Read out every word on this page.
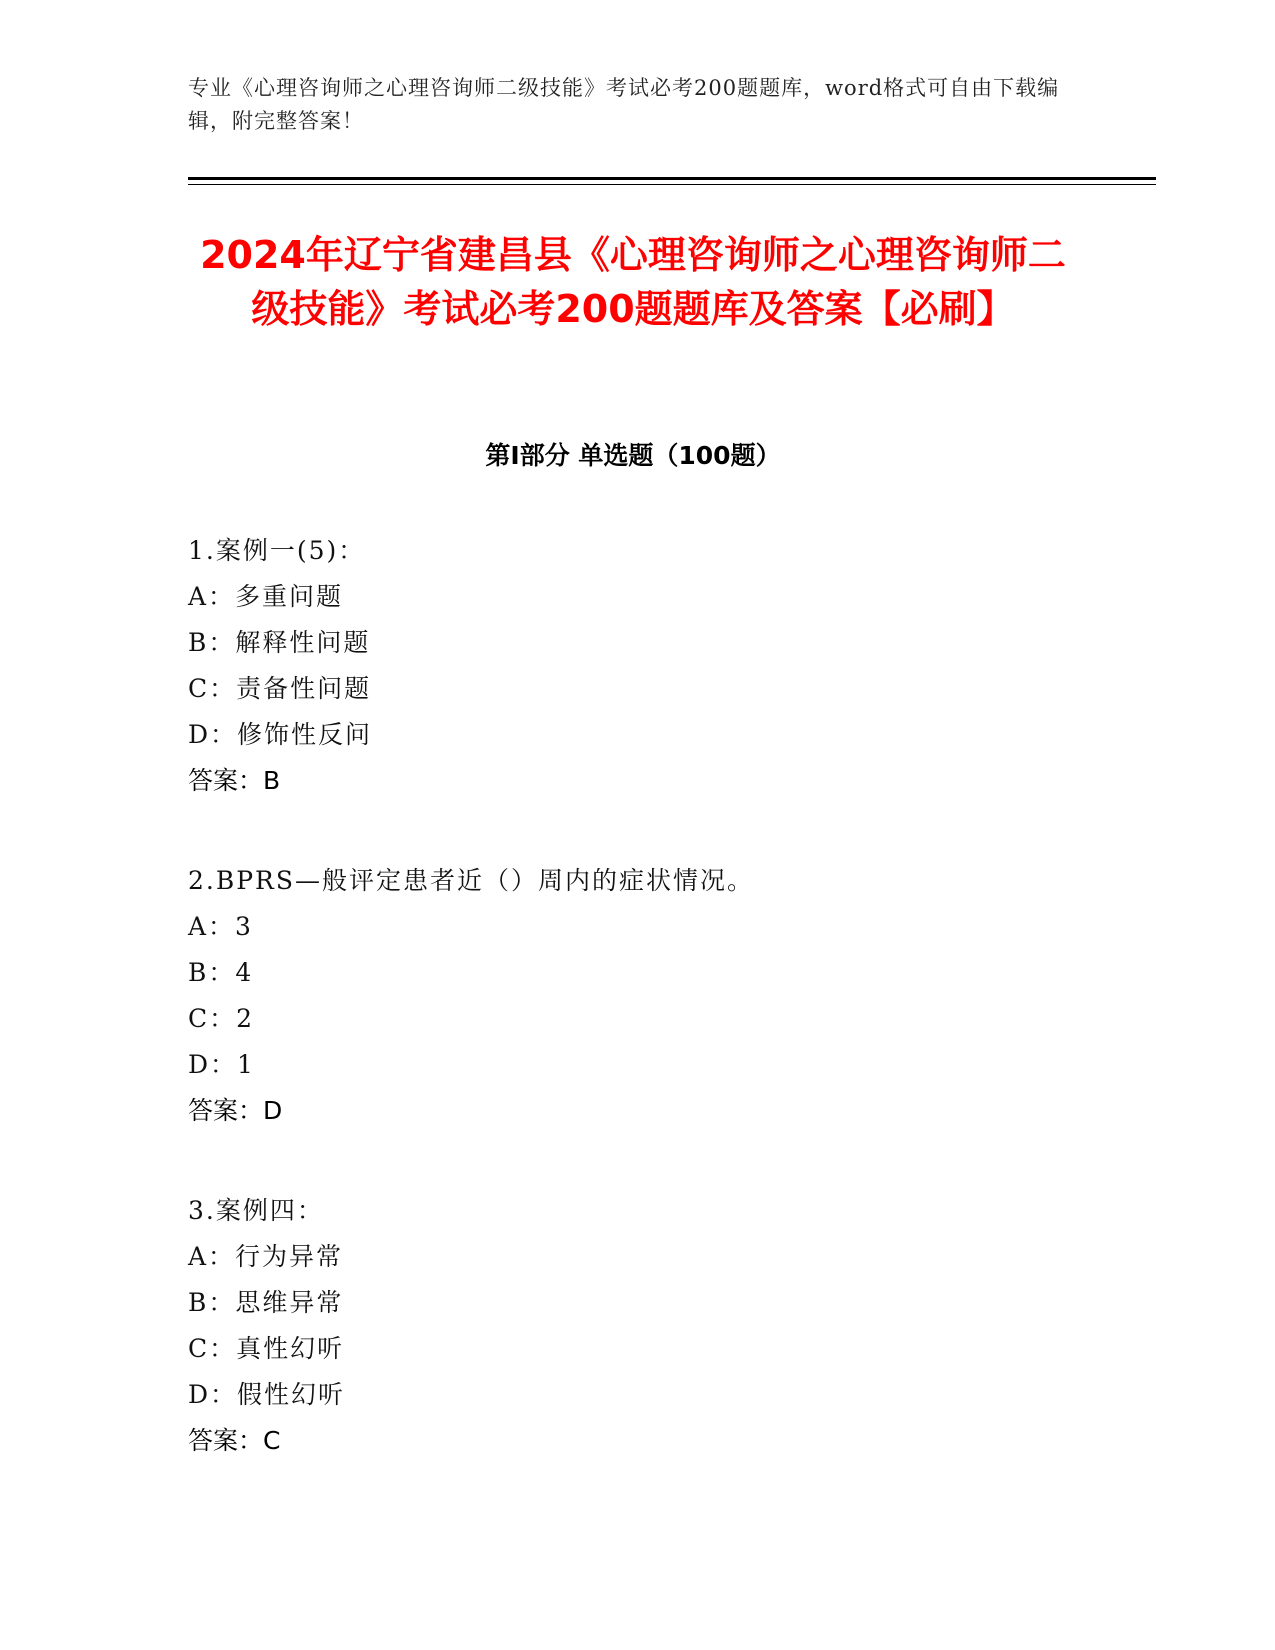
专业《心理咨询师之心理咨询师二级技能》考试必考200题题库，word格式可自由下载编辑，附完整答案！
2024年辽宁省建昌县《心理咨询师之心理咨询师二级技能》考试必考200题题库及答案【必刷】
第Ⅰ部分 单选题（100题）
1.案例一(5)：
A：多重问题
B：解释性问题
C：责备性问题
D：修饰性反问
答案：B
2.BPRS—般评定患者近（）周内的症状情况。
A：3
B：4
C：2
D：1
答案：D
3.案例四：
A：行为异常
B：思维异常
C：真性幻听
D：假性幻听
答案：C
